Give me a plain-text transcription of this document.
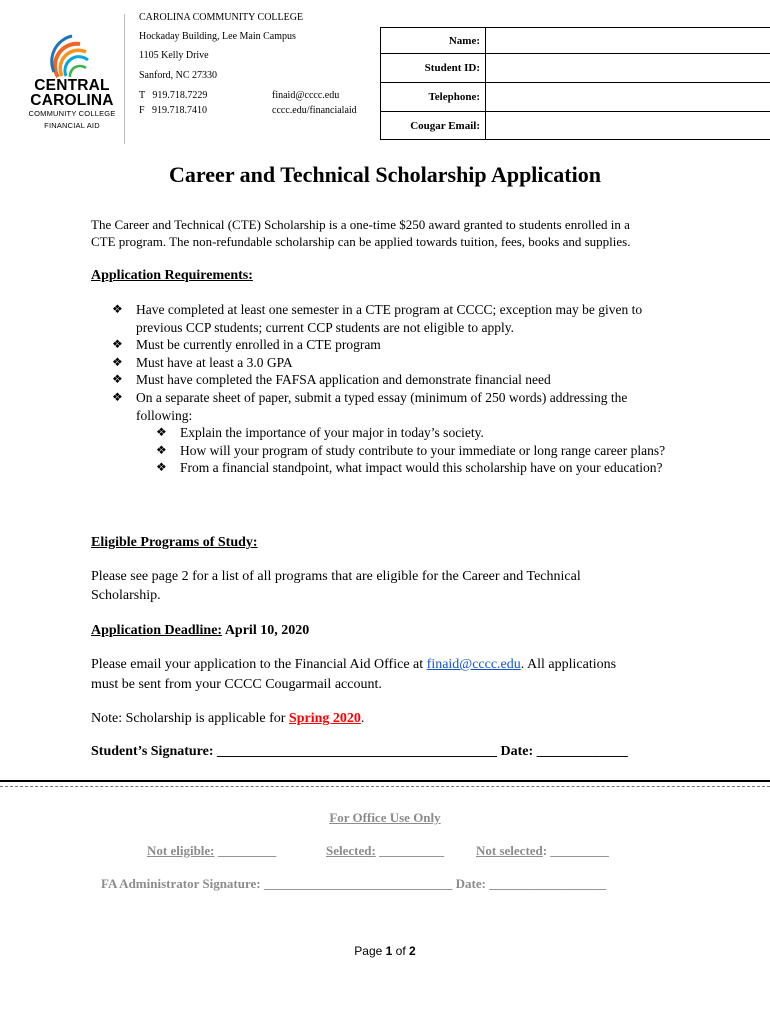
CENTRAL
CAROLINA
COMMUNITY COLLEGE
FINANCIAL AID
CAROLINA COMMUNITY COLLEGE
Hockaday Building, Lee Main Campus
1105 Kelly Drive
Sanford, NC 27330
T   919.718.7229
F   919.718.7410
finaid@cccc.edu
cccc.edu/financialaid
Name:	
Student ID:	
Telephone:	
Cougar Email:	
Career and Technical Scholarship Application
The Career and Technical (CTE) Scholarship is a one-time $250 award granted to students enrolled in a
CTE program. The non-refundable scholarship can be applied towards tuition, fees, books and supplies.
Application Requirements:
❖ Have completed at least one semester in a CTE program at CCCC; exception may be given to previous CCP students; current CCP students are not eligible to apply.
❖ Must be currently enrolled in a CTE program
❖ Must have at least a 3.0 GPA
❖ Must have completed the FAFSA application and demonstrate financial need
❖ On a separate sheet of paper, submit a typed essay (minimum of 250 words) addressing the following:
❖ Explain the importance of your major in today’s society.
❖ How will your program of study contribute to your immediate or long range career plans?
❖ From a financial standpoint, what impact would this scholarship have on your education?
Eligible Programs of Study:
Please see page 2 for a list of all programs that are eligible for the Career and Technical
Scholarship.
Application Deadline: April 10, 2020
Please email your application to the Financial Aid Office at finaid@cccc.edu. All applications
must be sent from your CCCC Cougarmail account.
Note: Scholarship is applicable for Spring 2020.
Student’s Signature: ________________________________________ Date: _____________
For Office Use Only
Not eligible: _________	Selected: __________ Not selected: _________
FA Administrator Signature: _____________________________ Date: __________________
Page 1 of 2
